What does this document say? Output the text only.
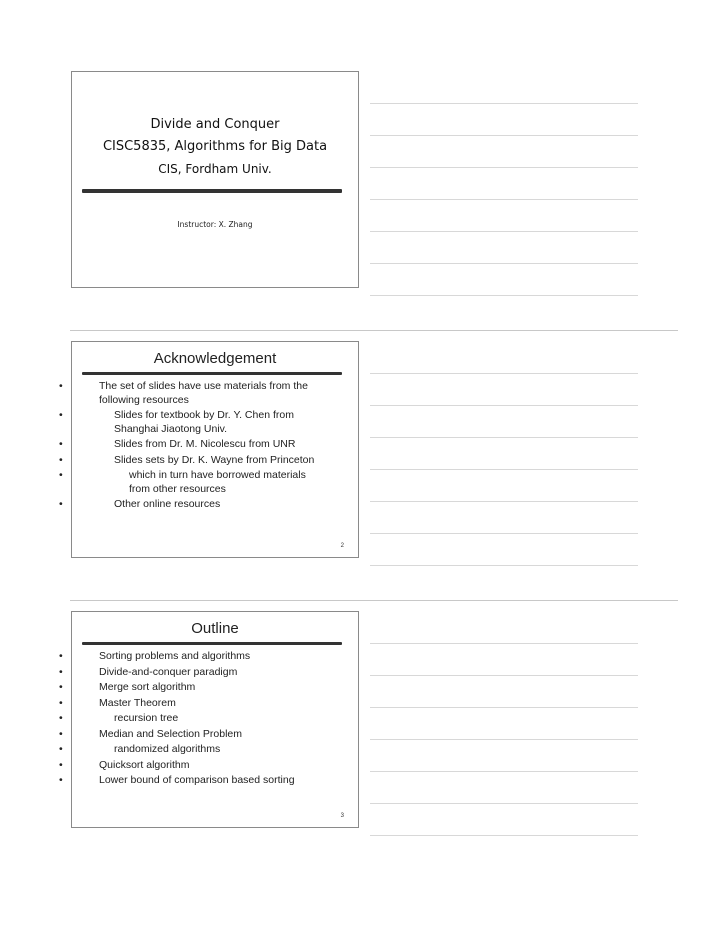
Divide and Conquer
CISC5835, Algorithms for Big Data
CIS, Fordham Univ.
Instructor: X. Zhang
Acknowledgement
•	The set of slides have use materials from the
following resources
•	Slides for textbook by Dr. Y. Chen from
Shanghai Jiaotong Univ.
•	Slides from Dr. M. Nicolescu from UNR
•	Slides sets by Dr. K. Wayne from Princeton
•	which in turn have borrowed materials
from other resources
•	Other online resources
2
Outline
•	Sorting problems and algorithms
•	Divide-and-conquer paradigm
•	Merge sort algorithm
•	Master Theorem
•	recursion tree
•	Median and Selection Problem
•	randomized algorithms
•	Quicksort algorithm
•	Lower bound of comparison based sorting
3
